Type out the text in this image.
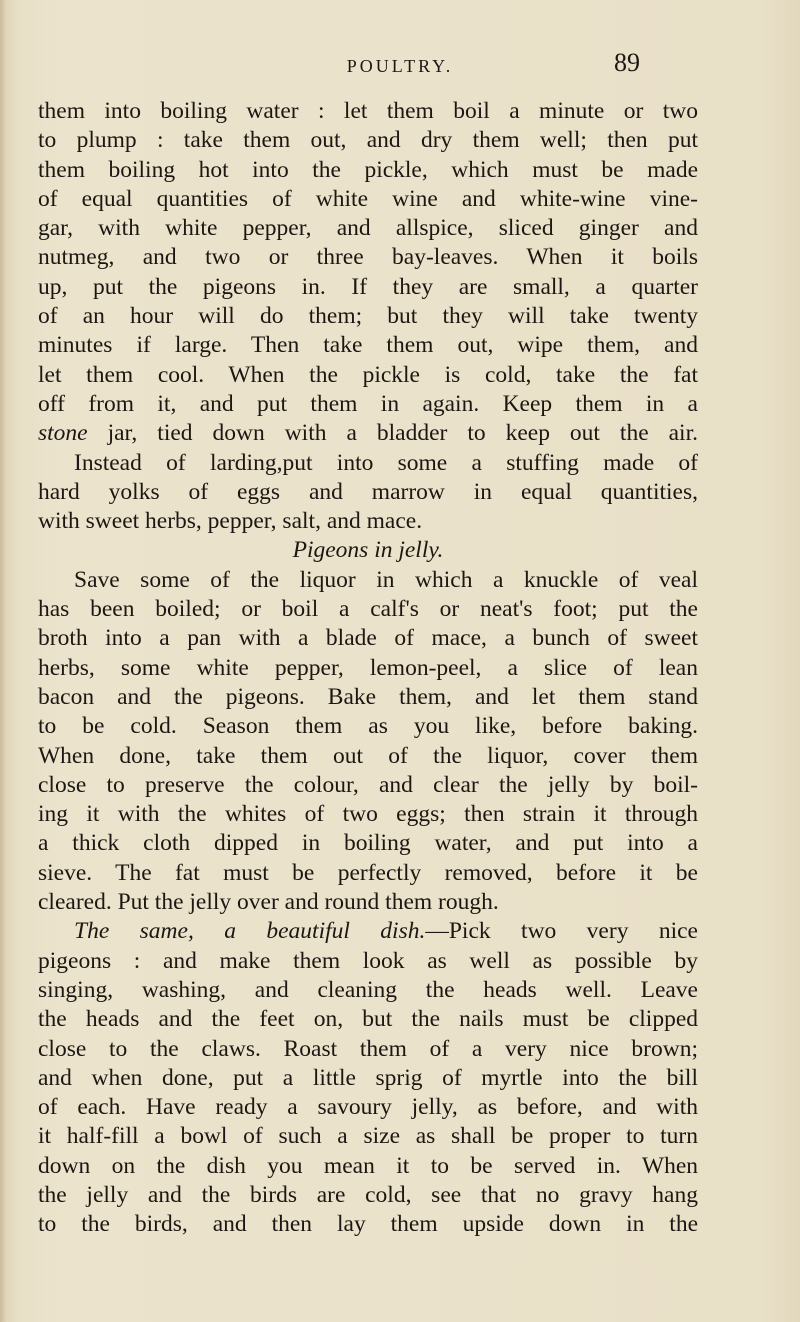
POULTRY.	89
them into boiling water : let them boil a minute or two
to plump : take them out, and dry them well; then put
them boiling hot into the pickle, which must be made
of equal quantities of white wine and white-wine vine-
gar, with white pepper, and allspice, sliced ginger and
nutmeg, and two or three bay-leaves. When it boils
up, put the pigeons in. If they are small, a quarter
of an hour will do them; but they will take twenty
minutes if large. Then take them out, wipe them, and
let them cool. When the pickle is cold, take the fat
off from it, and put them in again. Keep them in a
stone jar, tied down with a bladder to keep out the air.
Instead of larding,put into some a stuffing made of
hard yolks of eggs and marrow in equal quantities,
with sweet herbs, pepper, salt, and mace.
Pigeons in jelly.
Save some of the liquor in which a knuckle of veal
has been boiled; or boil a calf's or neat's foot; put the
broth into a pan with a blade of mace, a bunch of sweet
herbs, some white pepper, lemon-peel, a slice of lean
bacon and the pigeons. Bake them, and let them stand
to be cold. Season them as you like, before baking.
When done, take them out of the liquor, cover them
close to preserve the colour, and clear the jelly by boil-
ing it with the whites of two eggs; then strain it through
a thick cloth dipped in boiling water, and put into a
sieve. The fat must be perfectly removed, before it be
cleared. Put the jelly over and round them rough.
The same, a beautiful dish.—Pick two very nice
pigeons : and make them look as well as possible by
singing, washing, and cleaning the heads well. Leave
the heads and the feet on, but the nails must be clipped
close to the claws. Roast them of a very nice brown;
and when done, put a little sprig of myrtle into the bill
of each. Have ready a savoury jelly, as before, and with
it half-fill a bowl of such a size as shall be proper to turn
down on the dish you mean it to be served in. When
the jelly and the birds are cold, see that no gravy hang
to the birds, and then lay them upside down in the
